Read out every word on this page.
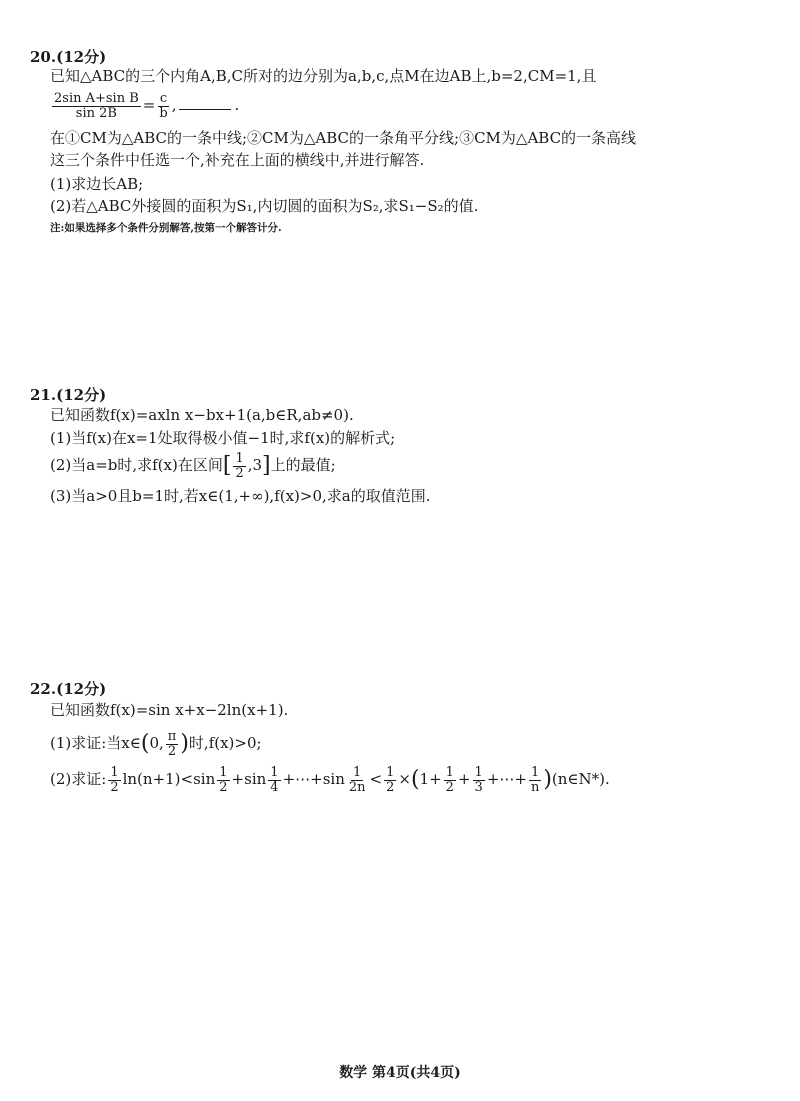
20.(12分)
已知△ABC的三个内角A,B,C所对的边分别为a,b,c,点M在边AB上,b=2,CM=1,且
$\frac{\text{2sin A+sin B}}{\sin 2B} = \frac{c}{b}$ ,	.
在①CM为△ABC的一条中线;②CM为△ABC的一条角平分线;③CM为△ABC的一条高线
这三个条件中任选一个,补充在上面的横线中,并进行解答.
(1)求边长AB;
(2)若△ABC外接圆的面积为S₁,内切圆的面积为S₂,求S₁−S₂的值.
注:如果选择多个条件分别解答,按第一个解答计分.
21.(12分)
已知函数f(x)=axln x−bx+1(a,b∈R,ab≠0).
(1)当f(x)在x=1处取得极小值−1时,求f(x)的解析式;
(2)当a=b时,求f(x)在区间[ $\frac{1}{2} ,3$]上的最值;
(3)当a>0且b=1时,若x∈(1,+∞),f(x)>0,求a的取值范围.
22.(12分)
已知函数f(x)=sin x+x−2ln(x+1).
(1)求证:当x∈(0, $\frac{\pi}{2}$ )时,f(x)>0;
(2)求证: $\frac{1}{2} \ln(n+1)<\sin \frac{1}{2} +\sin \frac{1}{4}$ +⋯+sin $\frac{1}{2n} < \frac{1}{2} \times(1+ \frac{1}{2} + \frac{1}{3}$ +⋯+ $\frac{1}{n}$ )(n∈N*).
数学 第4页(共4页)
